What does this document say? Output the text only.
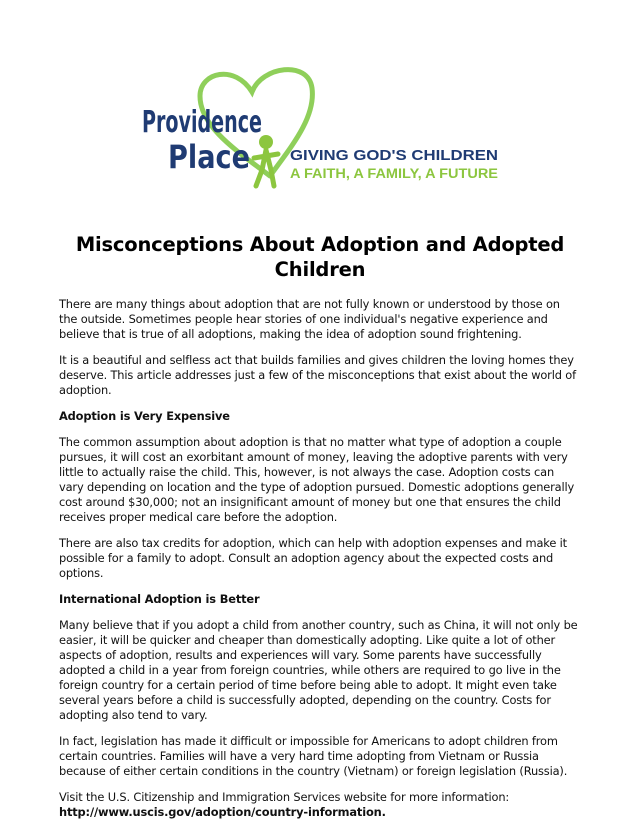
Providence
Place	GIVING GOD'S CHILDREN
A FAITH, A FAMILY, A FUTURE
Misconceptions About Adoption and Adopted Children

There are many things about adoption that are not fully known or understood by those on the outside. Sometimes people hear stories of one individual's negative experience and believe that is true of all adoptions, making the idea of adoption sound frightening.

It is a beautiful and selfless act that builds families and gives children the loving homes they deserve. This article addresses just a few of the misconceptions that exist about the world of adoption.

Adoption is Very Expensive

The common assumption about adoption is that no matter what type of adoption a couple pursues, it will cost an exorbitant amount of money, leaving the adoptive parents with very little to actually raise the child. This, however, is not always the case. Adoption costs can vary depending on location and the type of adoption pursued. Domestic adoptions generally cost around $30,000; not an insignificant amount of money but one that ensures the child receives proper medical care before the adoption.

There are also tax credits for adoption, which can help with adoption expenses and make it possible for a family to adopt. Consult an adoption agency about the expected costs and options.

International Adoption is Better

Many believe that if you adopt a child from another country, such as China, it will not only be easier, it will be quicker and cheaper than domestically adopting. Like quite a lot of other aspects of adoption, results and experiences will vary. Some parents have successfully adopted a child in a year from foreign countries, while others are required to go live in the foreign country for a certain period of time before being able to adopt. It might even take several years before a child is successfully adopted, depending on the country. Costs for adopting also tend to vary.

In fact, legislation has made it difficult or impossible for Americans to adopt children from certain countries. Families will have a very hard time adopting from Vietnam or Russia because of either certain conditions in the country (Vietnam) or foreign legislation (Russia).

Visit the U.S. Citizenship and Immigration Services website for more information:
http://www.uscis.gov/adoption/country-information.
